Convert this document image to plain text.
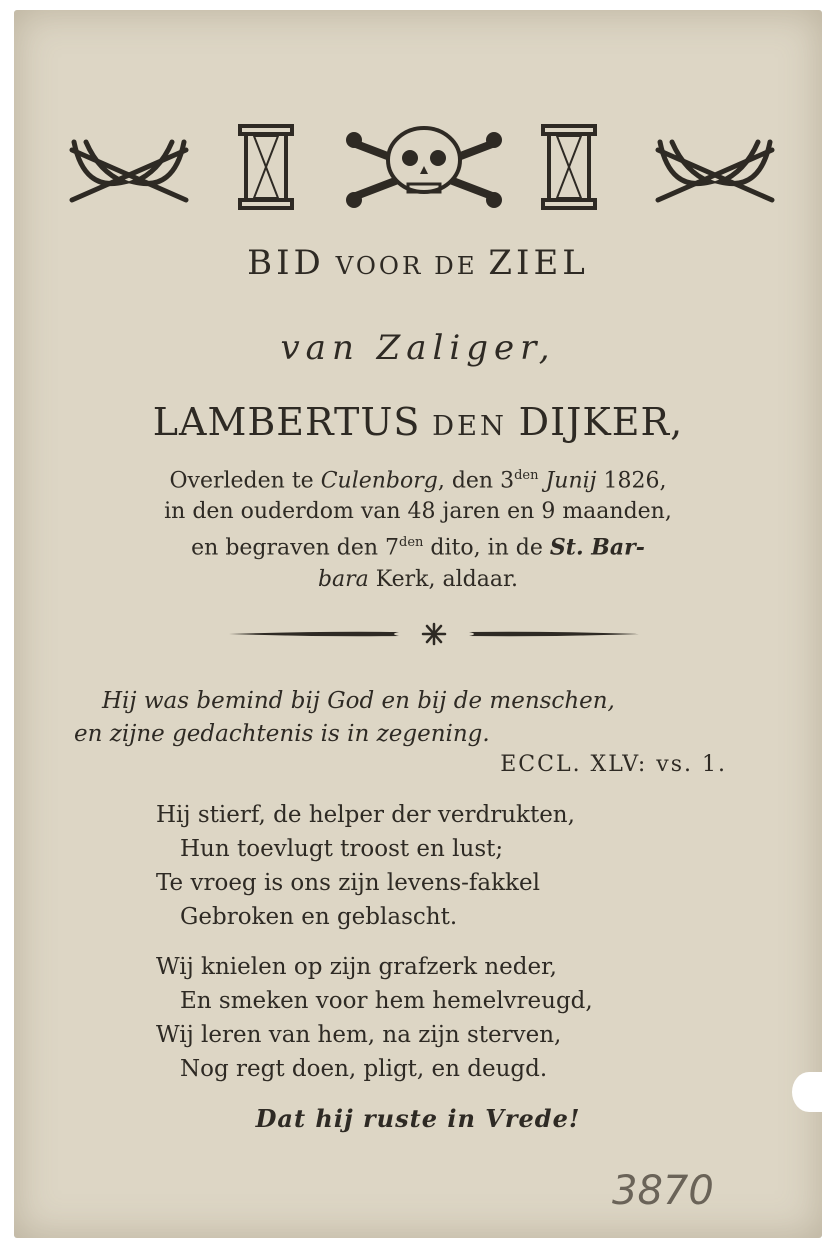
BID VOOR DE ZIEL
van Zaliger,
LAMBERTUS DEN DIJKER,
Overleden te Culenborg, den $3^{den}$ Junij 1826,
in den ouderdom van 48 jaren en 9 maanden,
en begraven den $7^{den}$ dito, in de St. Bar-
bara Kerk, aldaar.
Hij was bemind bij God en bij de menschen,
en zijne gedachtenis is in zegening.
ECCL. XLV: vs. 1.
Hij stierf, de helper der verdrukten,
Hun toevlugt troost en lust;
Te vroeg is ons zijn levens-fakkel
Gebroken en geblascht.
Wij knielen op zijn grafzerk neder,
En smeken voor hem hemelvreugd,
Wij leren van hem, na zijn sterven,
Nog regt doen, pligt, en deugd.
Dat hij ruste in Vrede!
3870
